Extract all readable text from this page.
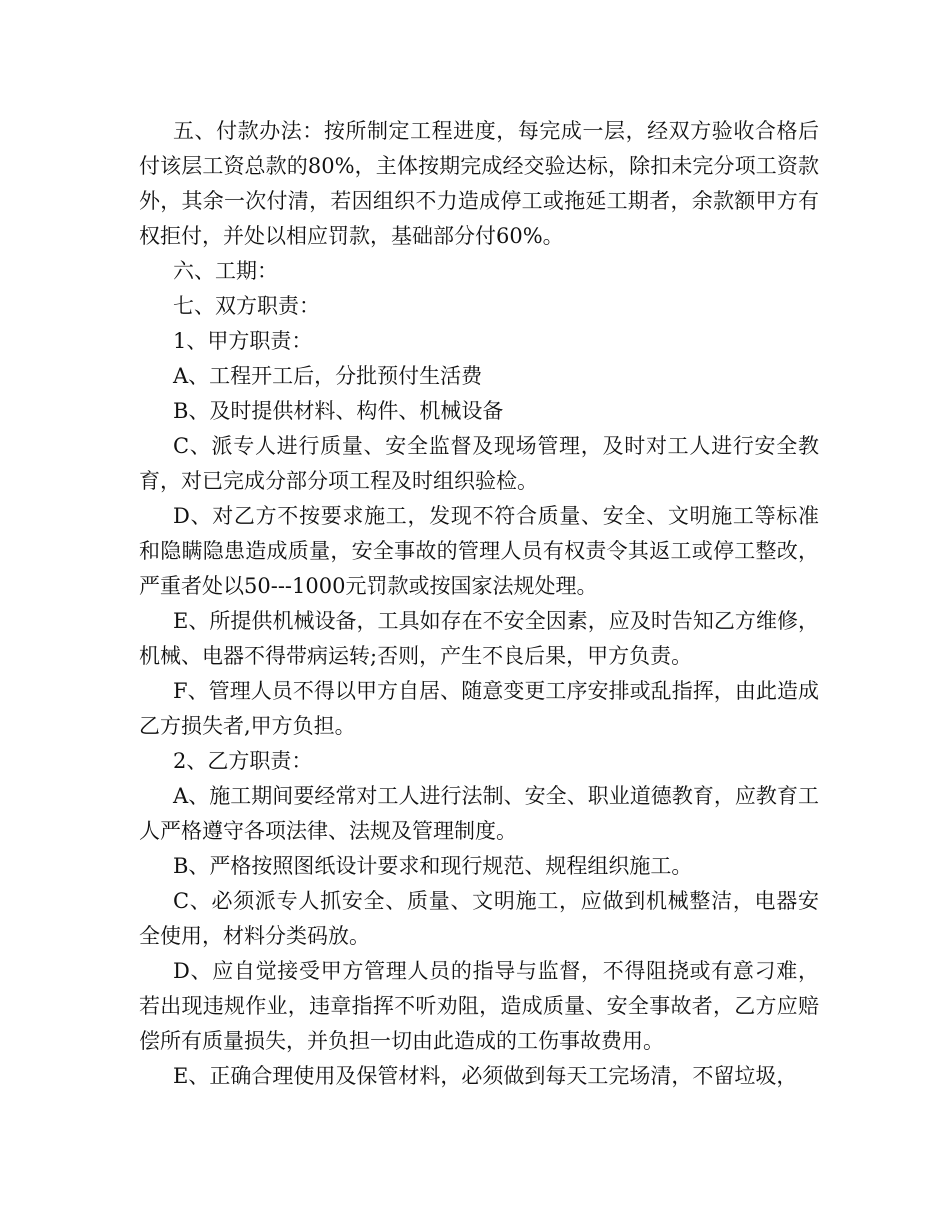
五、付款办法：按所制定工程进度，每完成一层，经双方验收合格后付该层工资总款的80%，主体按期完成经交验达标，除扣未完分项工资款外，其余一次付清，若因组织不力造成停工或拖延工期者，余款额甲方有权拒付，并处以相应罚款，基础部分付60%。

六、工期：

七、双方职责：

1、甲方职责：

A、工程开工后，分批预付生活费

B、及时提供材料、构件、机械设备

C、派专人进行质量、安全监督及现场管理，及时对工人进行安全教育，对已完成分部分项工程及时组织验检。

D、对乙方不按要求施工，发现不符合质量、安全、文明施工等标准和隐瞒隐患造成质量，安全事故的管理人员有权责令其返工或停工整改，严重者处以50---1000元罚款或按国家法规处理。

E、所提供机械设备，工具如存在不安全因素，应及时告知乙方维修，机械、电器不得带病运转;否则，产生不良后果，甲方负责。

F、管理人员不得以甲方自居、随意变更工序安排或乱指挥，由此造成乙方损失者,甲方负担。

2、乙方职责：

A、施工期间要经常对工人进行法制、安全、职业道德教育，应教育工人严格遵守各项法律、法规及管理制度。

B、严格按照图纸设计要求和现行规范、规程组织施工。

C、必须派专人抓安全、质量、文明施工，应做到机械整洁，电器安全使用，材料分类码放。

D、应自觉接受甲方管理人员的指导与监督，不得阻挠或有意刁难，若出现违规作业，违章指挥不听劝阻，造成质量、安全事故者，乙方应赔偿所有质量损失，并负担一切由此造成的工伤事故费用。

E、正确合理使用及保管材料，必须做到每天工完场清，不留垃圾，
